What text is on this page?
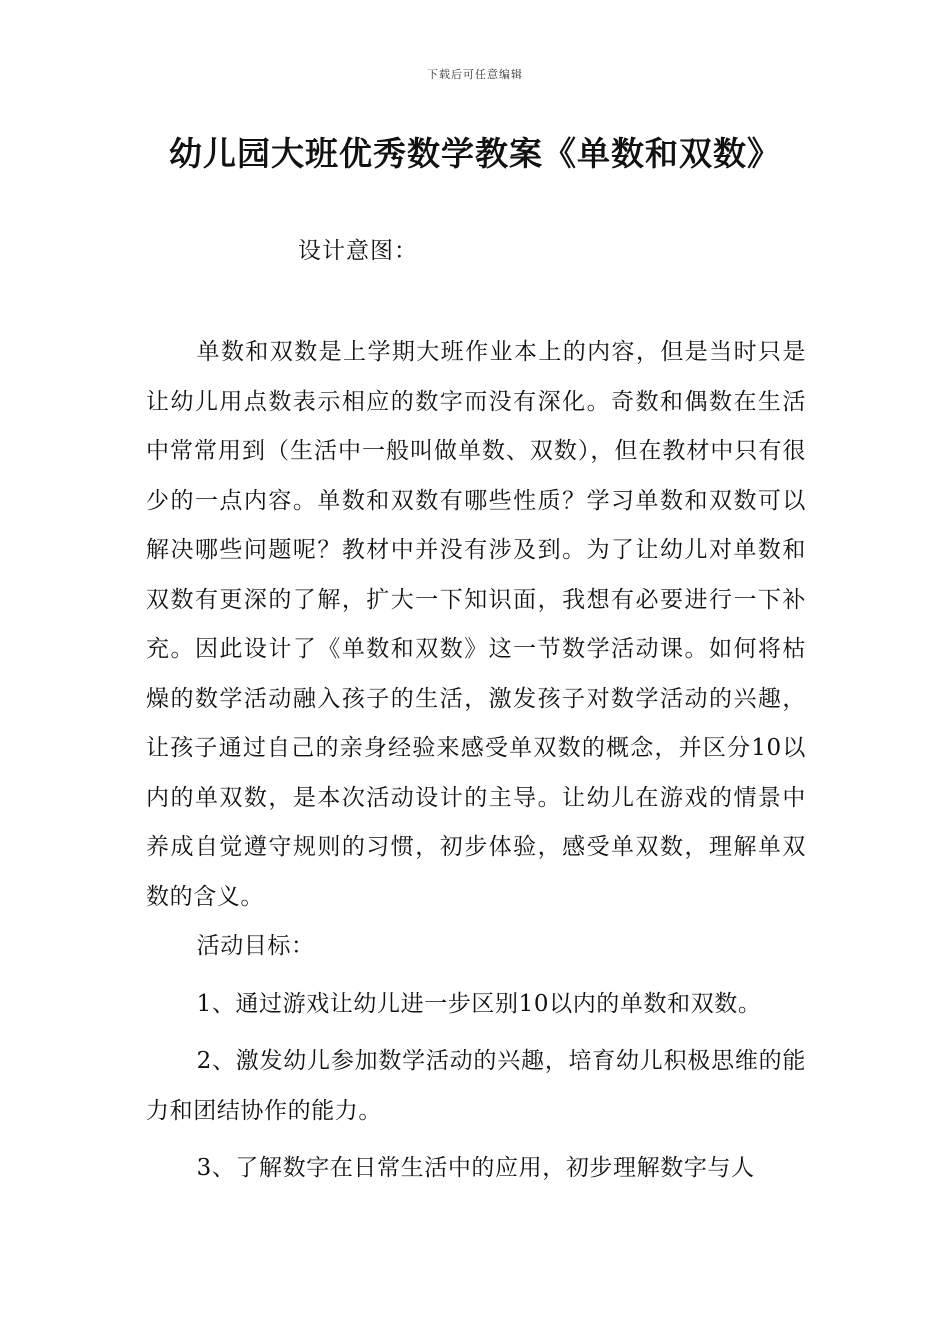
下载后可任意编辑
幼儿园大班优秀数学教案《单数和双数》
设计意图：

单数和双数是上学期大班作业本上的内容，但是当时只是让幼儿用点数表示相应的数字而没有深化。奇数和偶数在生活中常常用到（生活中一般叫做单数、双数），但在教材中只有很少的一点内容。单数和双数有哪些性质？学习单数和双数可以解决哪些问题呢？教材中并没有涉及到。为了让幼儿对单数和双数有更深的了解，扩大一下知识面，我想有必要进行一下补充。因此设计了《单数和双数》这一节数学活动课。如何将枯燥的数学活动融入孩子的生活，激发孩子对数学活动的兴趣，让孩子通过自己的亲身经验来感受单双数的概念，并区分10以内的单双数，是本次活动设计的主导。让幼儿在游戏的情景中养成自觉遵守规则的习惯，初步体验，感受单双数，理解单双数的含义。

活动目标：

1、通过游戏让幼儿进一步区别10以内的单数和双数。

2、激发幼儿参加数学活动的兴趣，培育幼儿积极思维的能力和团结协作的能力。

3、了解数字在日常生活中的应用，初步理解数字与人
